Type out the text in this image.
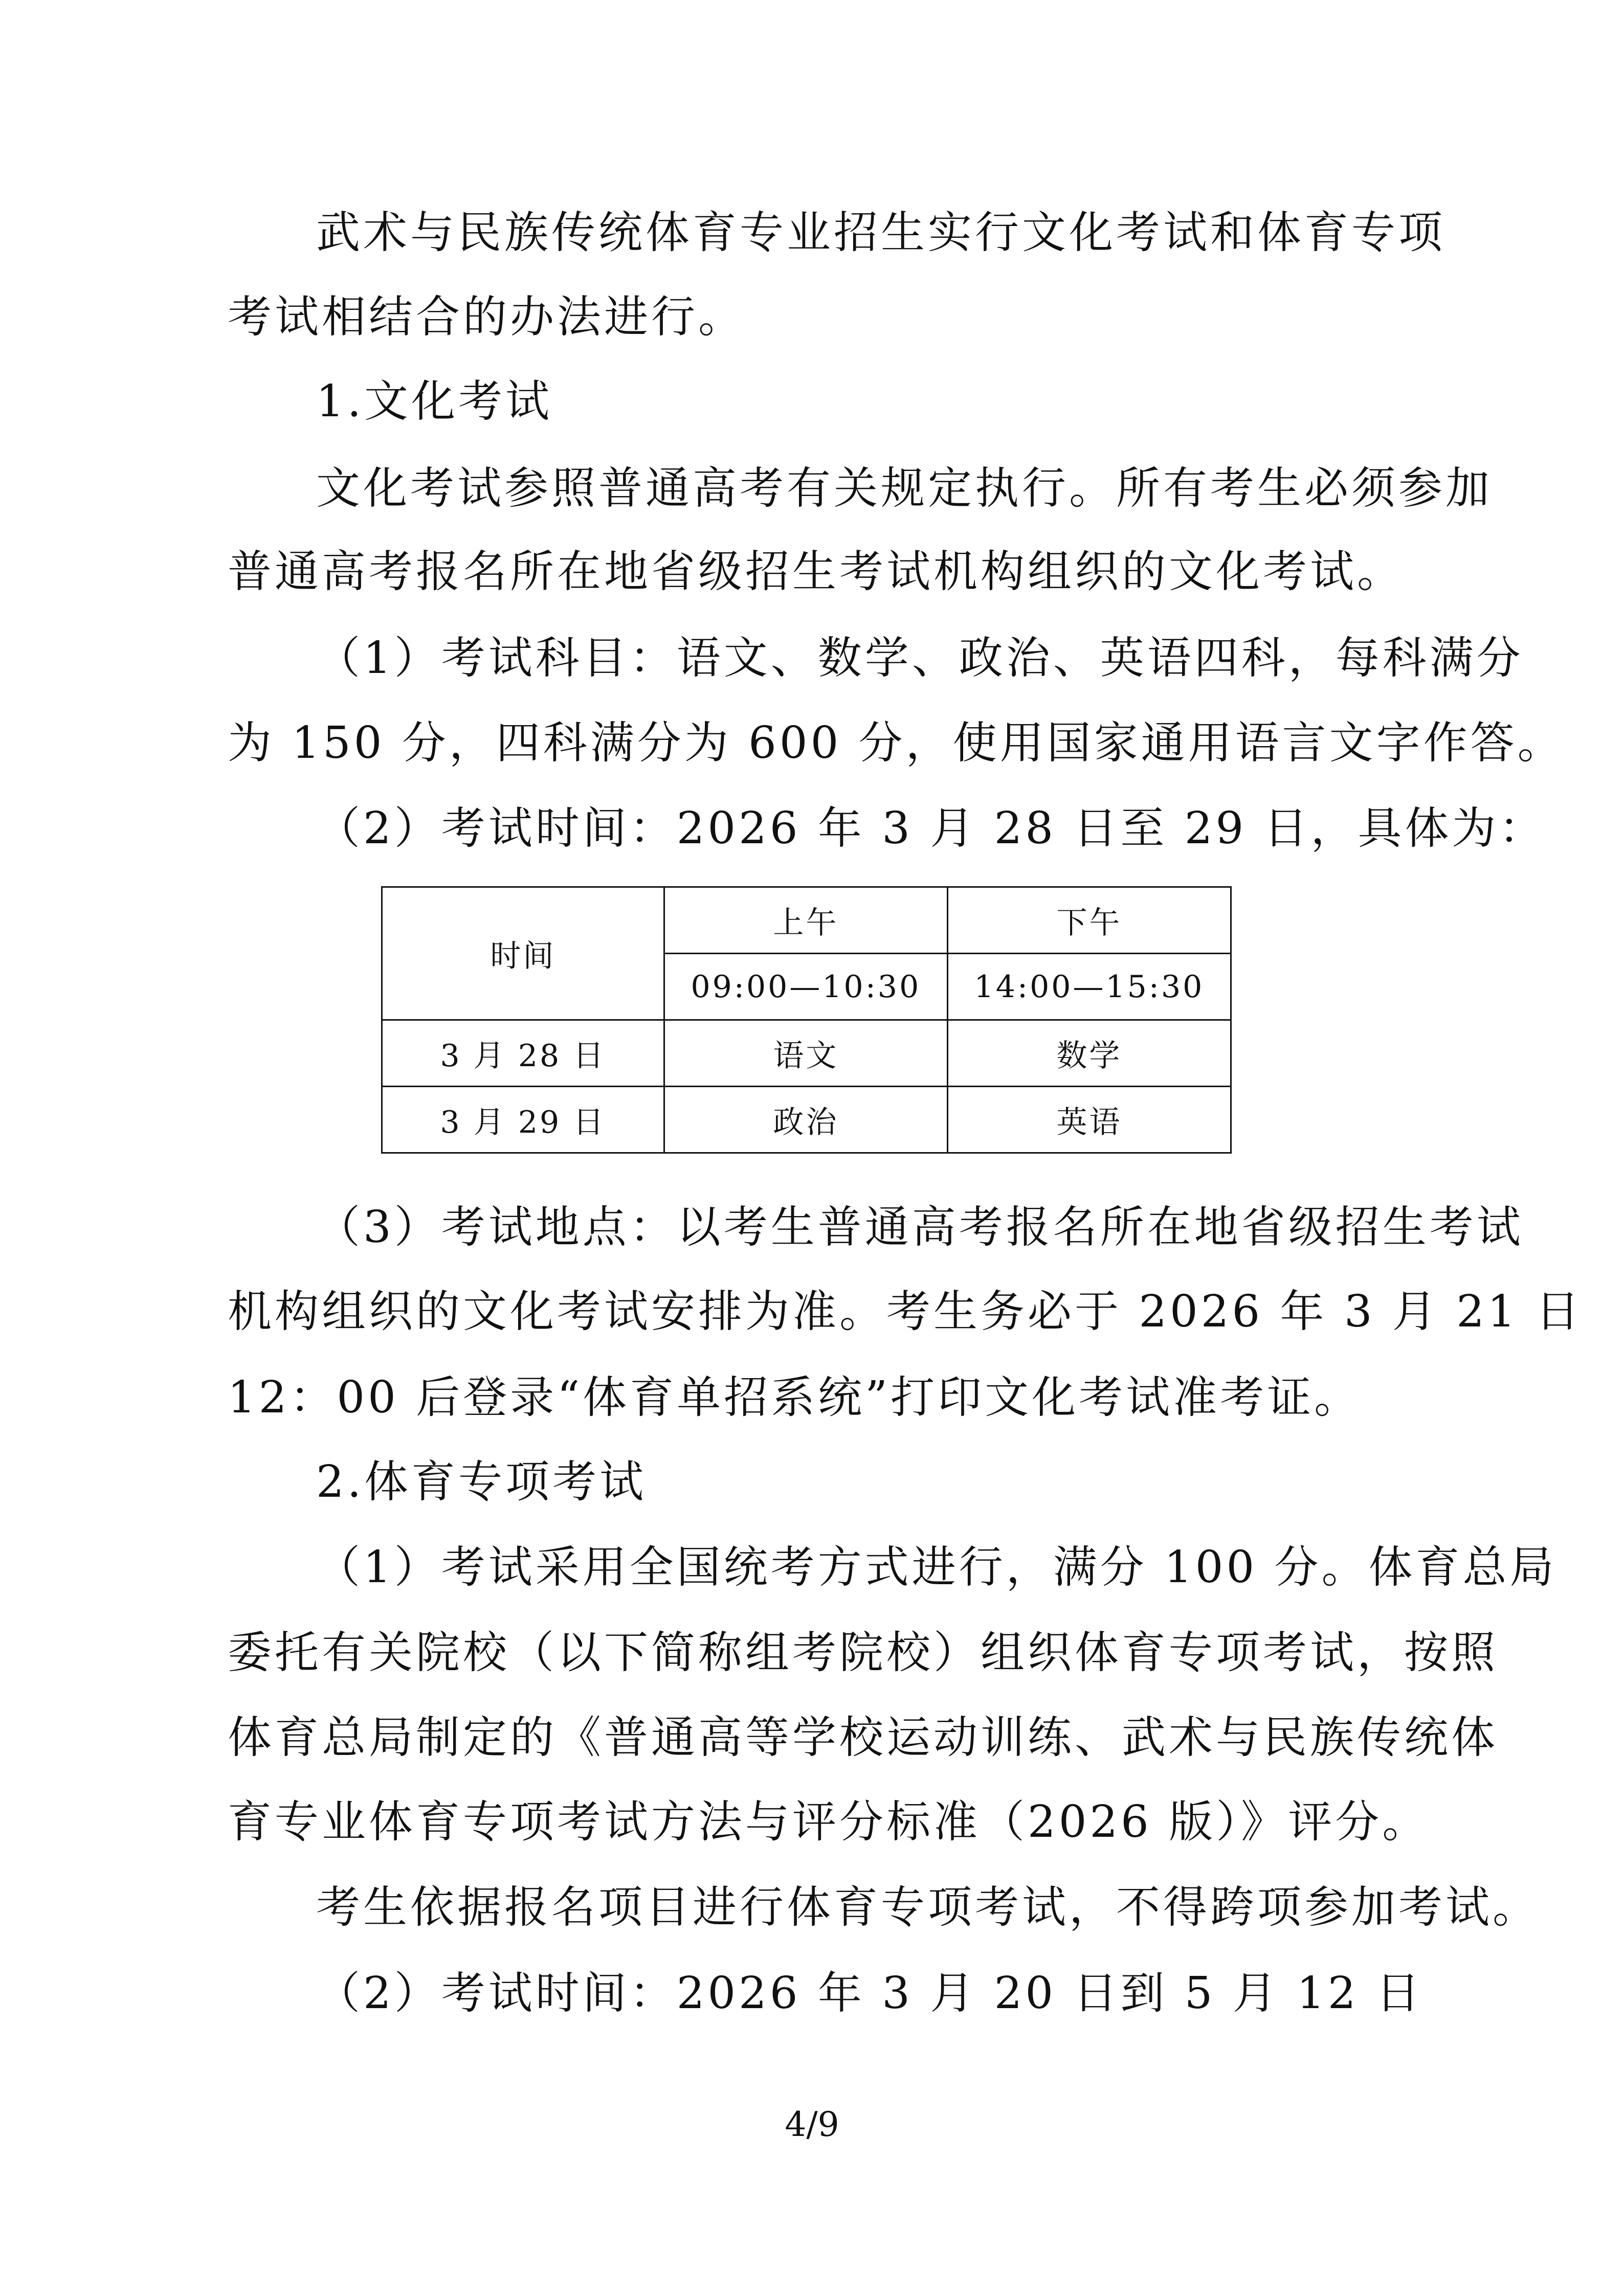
武术与民族传统体育专业招生实行文化考试和体育专项
考试相结合的办法进行。
1.文化考试
文化考试参照普通高考有关规定执行。所有考生必须参加
普通高考报名所在地省级招生考试机构组织的文化考试。
（1）考试科目：语文、数学、政治、英语四科，每科满分
为 150 分，四科满分为 600 分，使用国家通用语言文字作答。
（2）考试时间：2026 年 3 月 28 日至 29 日，具体为：
时间	上午	下午
	09:00—10:30	14:00—15:30
3 月 28 日	语文	数学
3 月 29 日	政治	英语
（3）考试地点：以考生普通高考报名所在地省级招生考试
机构组织的文化考试安排为准。考生务必于 2026 年 3 月 21 日
12：00 后登录“体育单招系统”打印文化考试准考证。
2.体育专项考试
（1）考试采用全国统考方式进行，满分 100 分。体育总局
委托有关院校（以下简称组考院校）组织体育专项考试，按照
体育总局制定的《普通高等学校运动训练、武术与民族传统体
育专业体育专项考试方法与评分标准（2026 版）》评分。
考生依据报名项目进行体育专项考试，不得跨项参加考试。
（2）考试时间：2026 年 3 月 20 日到 5 月 12 日
4/9
